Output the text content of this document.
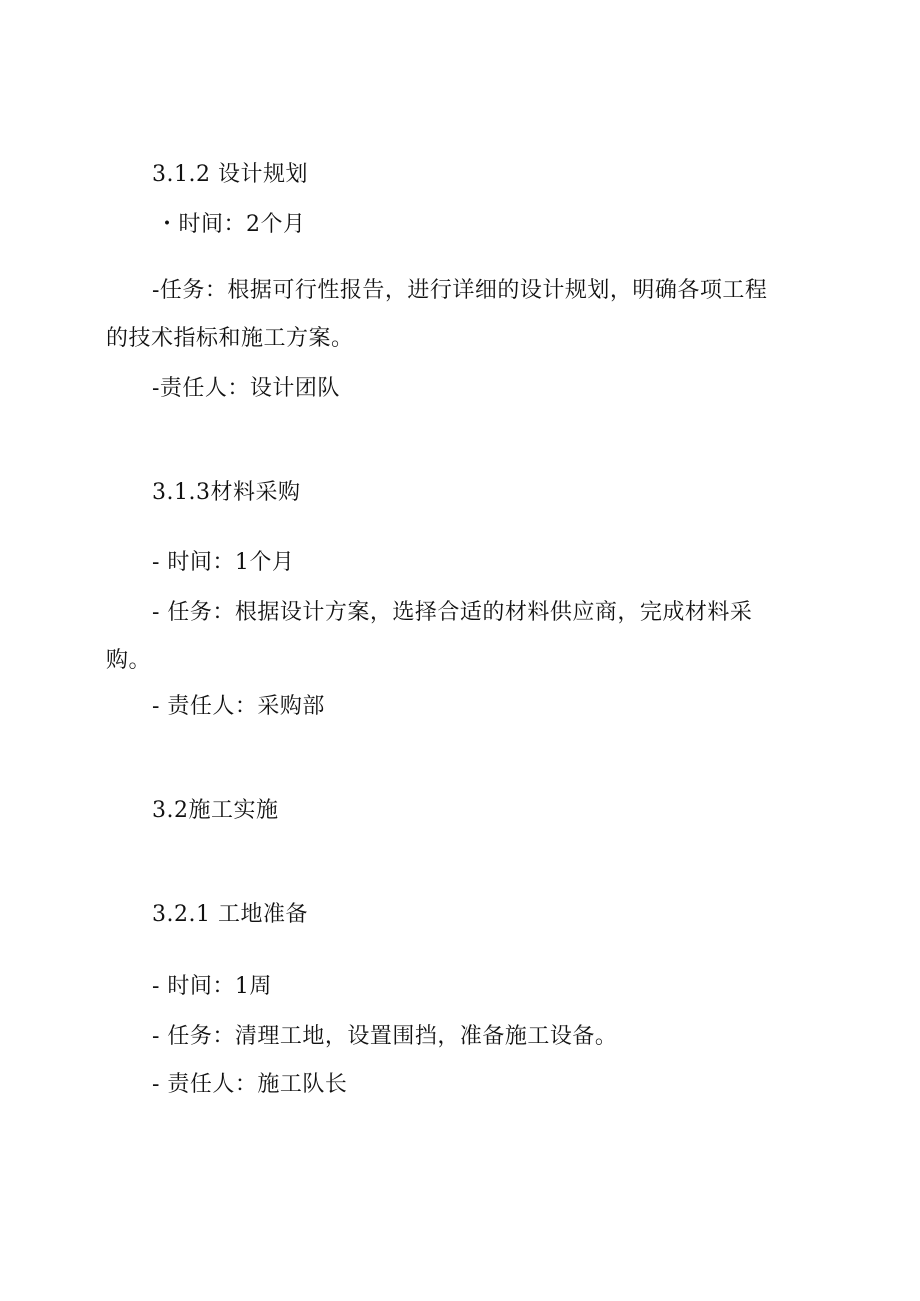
3.1.2 设计规划
・时间：2个月
-任务：根据可行性报告，进行详细的设计规划，明确各项工程
的技术指标和施工方案。
-责任人：设计团队
3.1.3材料采购
- 时间：1个月
- 任务：根据设计方案，选择合适的材料供应商，完成材料采
购。
- 责任人：采购部
3.2施工实施
3.2.1 工地准备
- 时间：1周
- 任务：清理工地，设置围挡，准备施工设备。
- 责任人：施工队长
